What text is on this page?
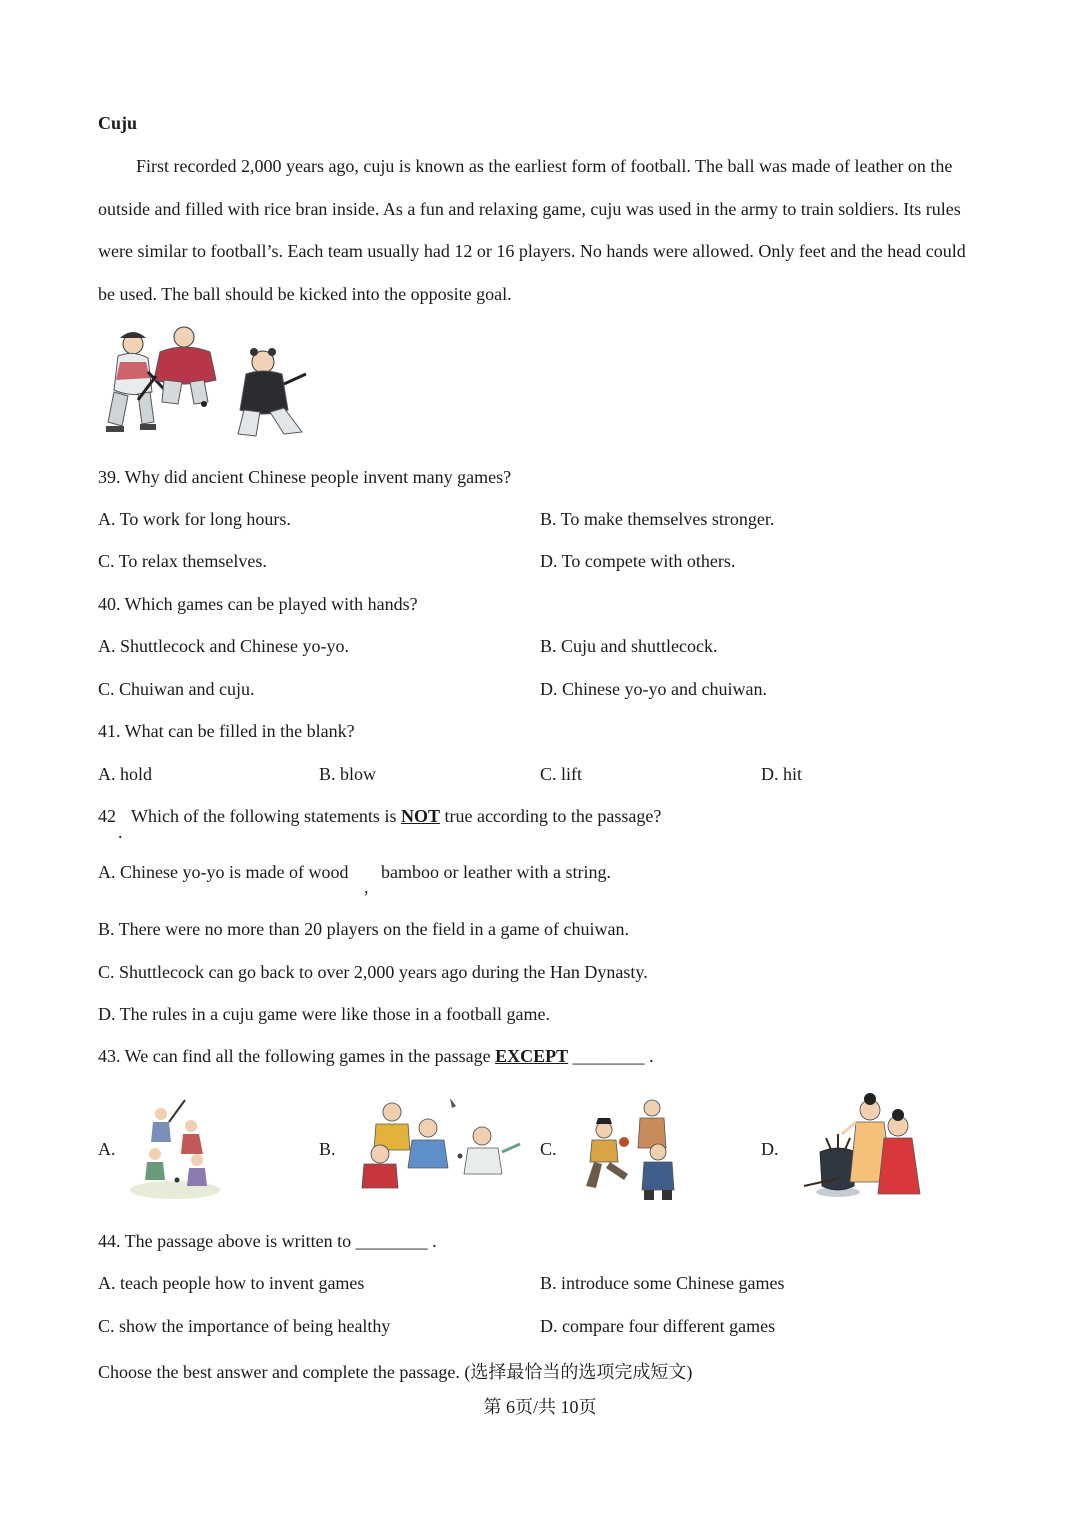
Cuju
First recorded 2,000 years ago, cuju is known as the earliest form of football. The ball was made of leather on the outside and filled with rice bran inside. As a fun and relaxing game, cuju was used in the army to train soldiers. Its rules were similar to football’s. Each team usually had 12 or 16 players. No hands were allowed. Only feet and the head could be used. The ball should be kicked into the opposite goal.
39. Why did ancient Chinese people invent many games?
A. To work for long hours.	B. To make themselves stronger.
C. To relax themselves.	D. To compete with others.
40. Which games can be played with hands?
A. Shuttlecock and Chinese yo-yo.	B. Cuju and shuttlecock.
C. Chuiwan and cuju.	D. Chinese yo-yo and chuiwan.
41. What can be filled in the blank?
A. hold	B. blow	C. lift	D. hit
42
.
Which of the following statements is NOT true according to the passage?
A. Chinese yo-yo is made of wood
,
bamboo or leather with a string.
B. There were no more than 20 players on the field in a game of chuiwan.
C. Shuttlecock can go back to over 2,000 years ago during the Han Dynasty.
D. The rules in a cuju game were like those in a football game.
43. We can find all the following games in the passage EXCEPT ________ .
A.	B.	C.	D.
44. The passage above is written to ________ .
A. teach people how to invent games	B. introduce some Chinese games
C. show the importance of being healthy	D. compare four different games
Choose the best answer and complete the passage. (选择最恰当的选项完成短文)
第 6页/共 10页
